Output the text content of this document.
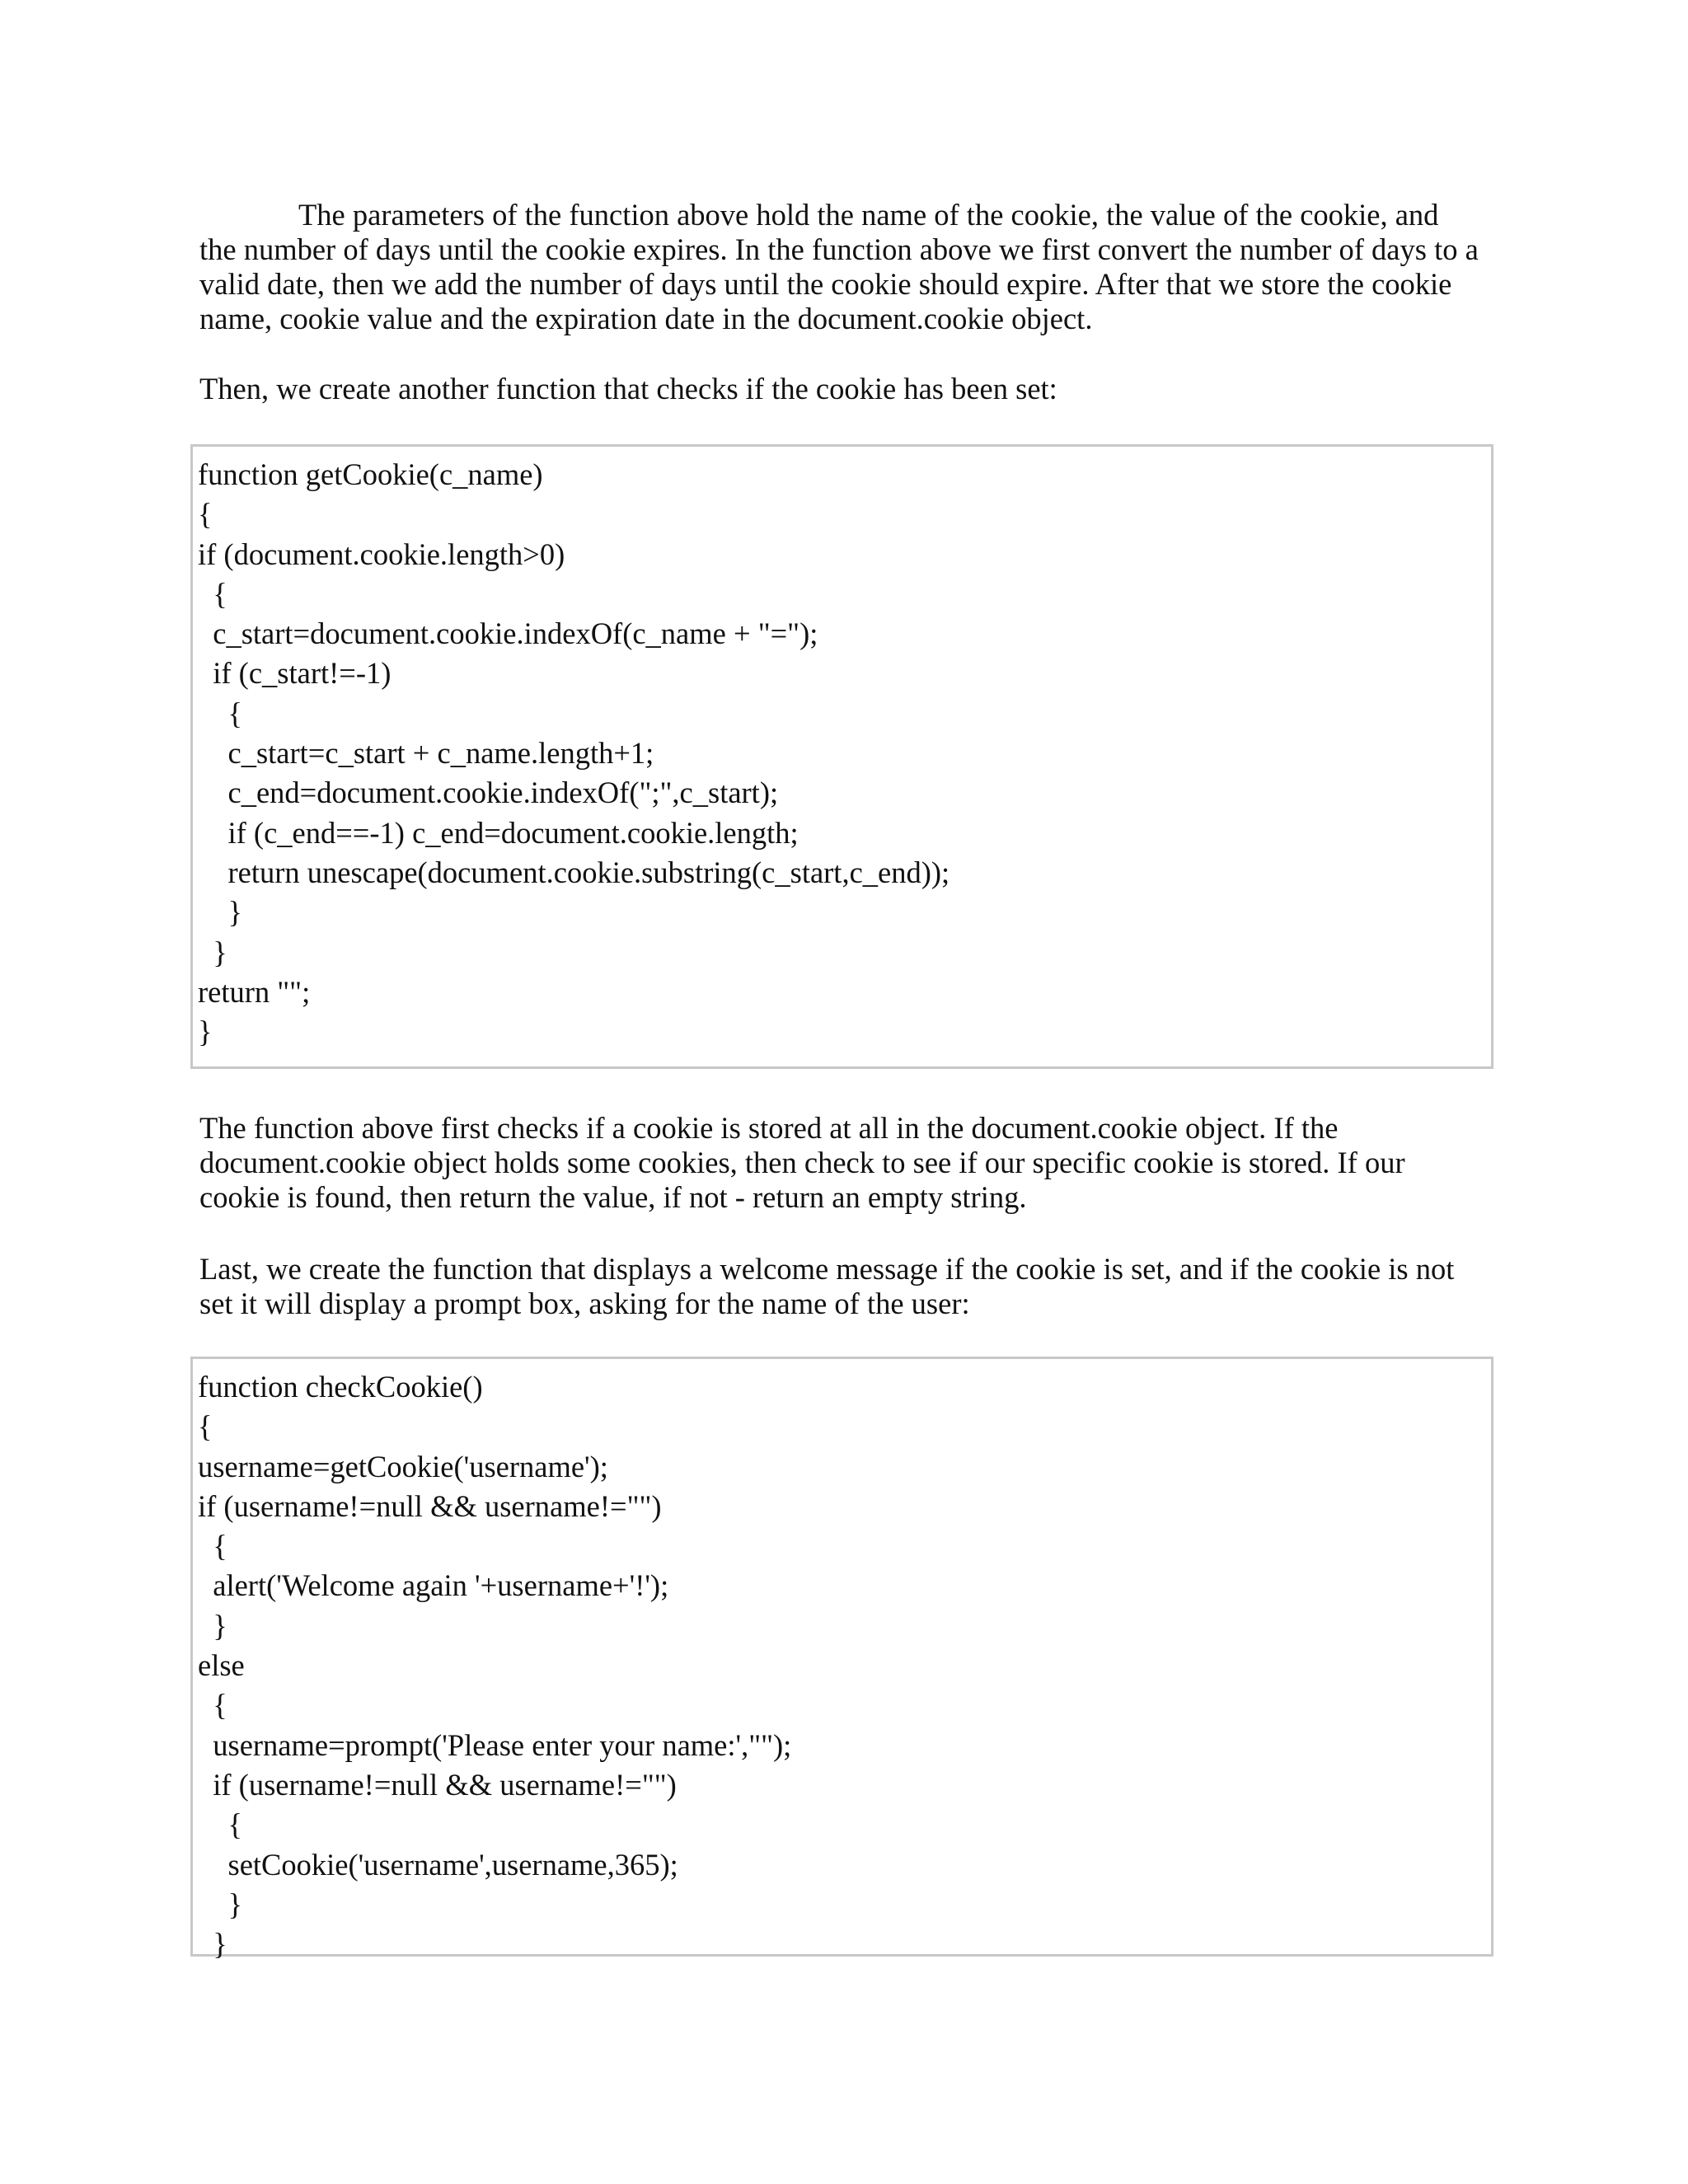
The parameters of the function above hold the name of the cookie, the value of the cookie, and
the number of days until the cookie expires. In the function above we first convert the number of days to a
valid date, then we add the number of days until the cookie should expire. After that we store the cookie
name, cookie value and the expiration date in the document.cookie object.

Then, we create another function that checks if the cookie has been set:

function getCookie(c_name)
{
if (document.cookie.length>0)
{
c_start=document.cookie.indexOf(c_name + "=");
if (c_start!=-1)
{
c_start=c_start + c_name.length+1;
c_end=document.cookie.indexOf(";",c_start);
if (c_end==-1) c_end=document.cookie.length;
return unescape(document.cookie.substring(c_start,c_end));
}
}
return "";
}

The function above first checks if a cookie is stored at all in the document.cookie object. If the
document.cookie object holds some cookies, then check to see if our specific cookie is stored. If our
cookie is found, then return the value, if not - return an empty string.

Last, we create the function that displays a welcome message if the cookie is set, and if the cookie is not
set it will display a prompt box, asking for the name of the user:

function checkCookie()
{
username=getCookie('username');
if (username!=null && username!="")
{
alert('Welcome again '+username+'!');
}
else
{
username=prompt('Please enter your name:',"");
if (username!=null && username!="")
{
setCookie('username',username,365);
}
}
